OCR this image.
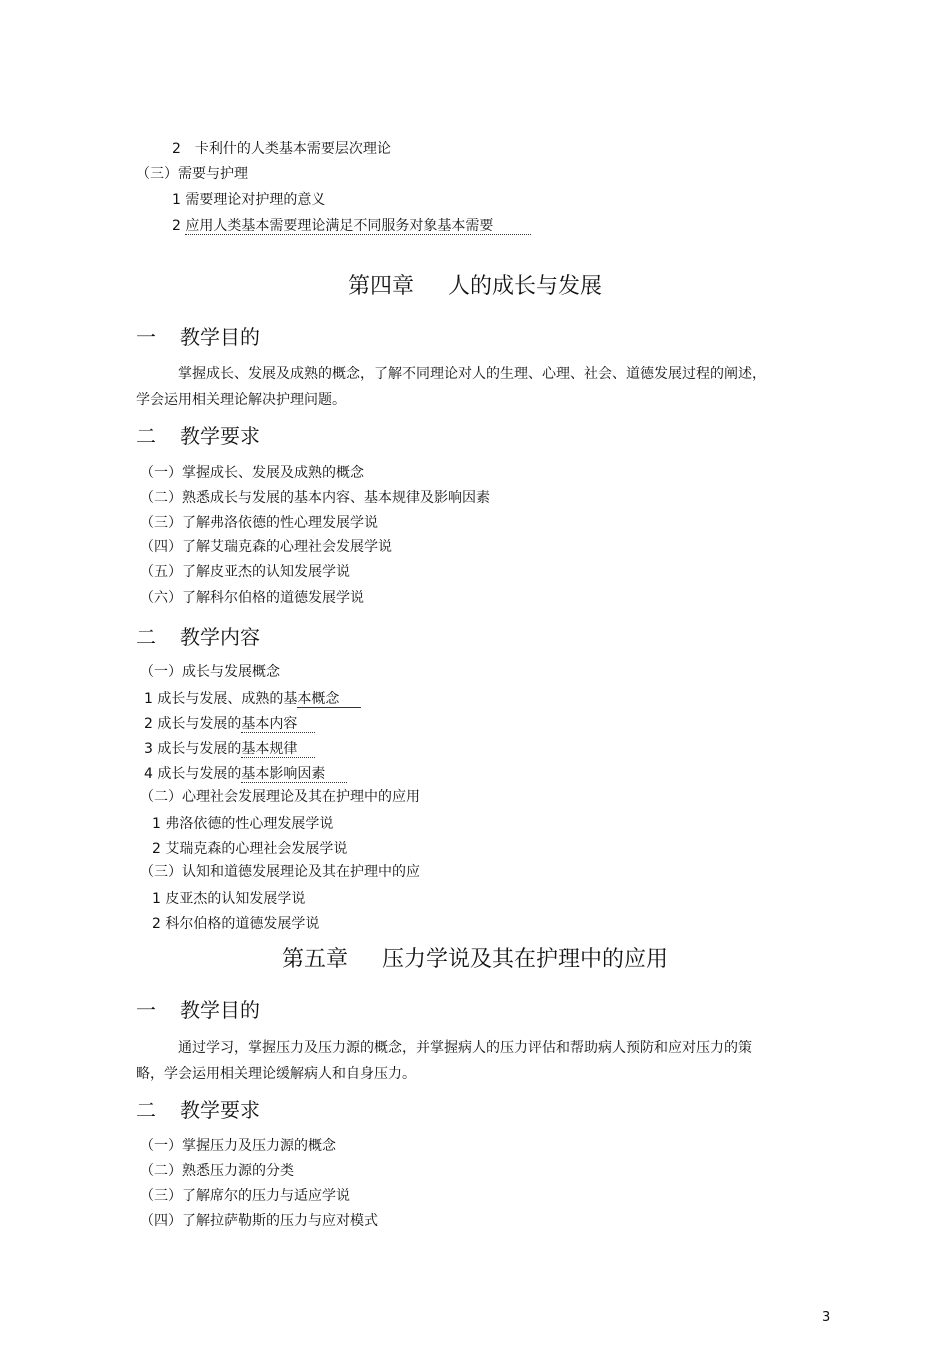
2　卡利什的人类基本需要层次理论
（三）需要与护理
1 需要理论对护理的意义
2 应用人类基本需要理论满足不同服务对象基本需要
第四章 人的成长与发展
一 教学目的
掌握成长、发展及成熟的概念，了解不同理论对人的生理、心理、社会、道德发展过程的阐述，学会运用相关理论解决护理问题。
二 教学要求
（一）掌握成长、发展及成熟的概念
（二）熟悉成长与发展的基本内容、基本规律及影响因素
（三）了解弗洛依德的性心理发展学说
（四）了解艾瑞克森的心理社会发展学说
（五）了解皮亚杰的认知发展学说
（六）了解科尔伯格的道德发展学说
二 教学内容
（一）成长与发展概念
1 成长与发展、成熟的基本概念
2 成长与发展的基本内容
3 成长与发展的基本规律
4 成长与发展的基本影响因素
（二）心理社会发展理论及其在护理中的应用
1 弗洛依德的性心理发展学说
2 艾瑞克森的心理社会发展学说
（三）认知和道德发展理论及其在护理中的应
1 皮亚杰的认知发展学说
2 科尔伯格的道德发展学说
第五章 压力学说及其在护理中的应用
一 教学目的
通过学习，掌握压力及压力源的概念，并掌握病人的压力评估和帮助病人预防和应对压力的策略，学会运用相关理论缓解病人和自身压力。
二 教学要求
（一）掌握压力及压力源的概念
（二）熟悉压力源的分类
（三）了解席尔的压力与适应学说
（四）了解拉萨勒斯的压力与应对模式
3
